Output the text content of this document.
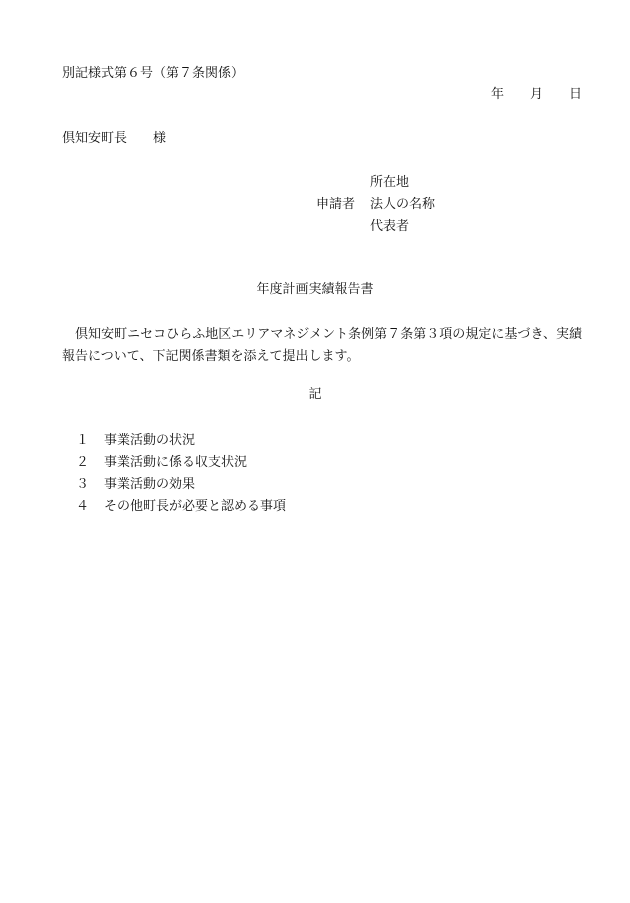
別記様式第６号（第７条関係）
年 月 日
倶知安町長 様
所在地
申請者	法人の名称
代表者
年度計画実績報告書
倶知安町ニセコひらふ地区エリアマネジメント条例第７条第３項の規定に基づき、実績報告について、下記関係書類を添えて提出します。
記
１	事業活動の状況
２	事業活動に係る収支状況
３	事業活動の効果
４	その他町長が必要と認める事項
